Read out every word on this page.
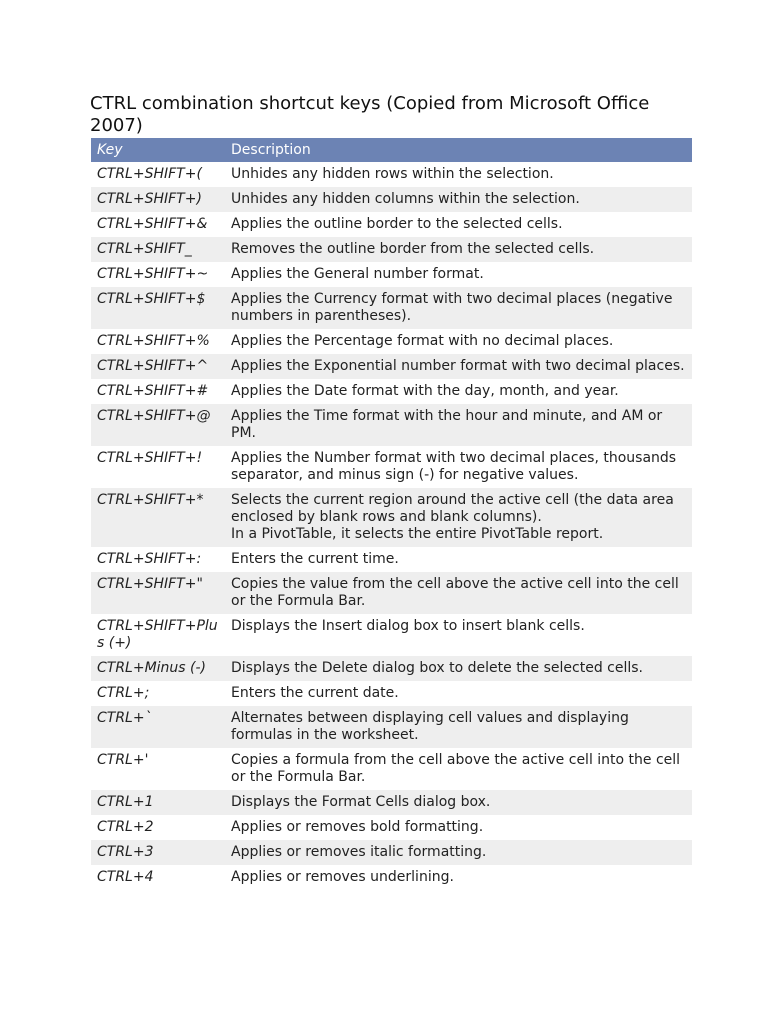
CTRL combination shortcut keys (Copied from Microsoft Office 2007)
Key	Description
CTRL+SHIFT+(	Unhides any hidden rows within the selection.
CTRL+SHIFT+)	Unhides any hidden columns within the selection.
CTRL+SHIFT+&	Applies the outline border to the selected cells.
CTRL+SHIFT_	Removes the outline border from the selected cells.
CTRL+SHIFT+~	Applies the General number format.
CTRL+SHIFT+$	Applies the Currency format with two decimal places (negative numbers in parentheses).
CTRL+SHIFT+%	Applies the Percentage format with no decimal places.
CTRL+SHIFT+^	Applies the Exponential number format with two decimal places.
CTRL+SHIFT+#	Applies the Date format with the day, month, and year.
CTRL+SHIFT+@	Applies the Time format with the hour and minute, and AM or PM.
CTRL+SHIFT+!	Applies the Number format with two decimal places, thousands separator, and minus sign (-) for negative values.
CTRL+SHIFT+*	Selects the current region around the active cell (the data area enclosed by blank rows and blank columns).
In a PivotTable, it selects the entire PivotTable report.
CTRL+SHIFT+:	Enters the current time.
CTRL+SHIFT+"	Copies the value from the cell above the active cell into the cell or the Formula Bar.
CTRL+SHIFT+Plus (+)	Displays the Insert dialog box to insert blank cells.
CTRL+Minus (-)	Displays the Delete dialog box to delete the selected cells.
CTRL+;	Enters the current date.
CTRL+`	Alternates between displaying cell values and displaying formulas in the worksheet.
CTRL+'	Copies a formula from the cell above the active cell into the cell or the Formula Bar.
CTRL+1	Displays the Format Cells dialog box.
CTRL+2	Applies or removes bold formatting.
CTRL+3	Applies or removes italic formatting.
CTRL+4	Applies or removes underlining.
